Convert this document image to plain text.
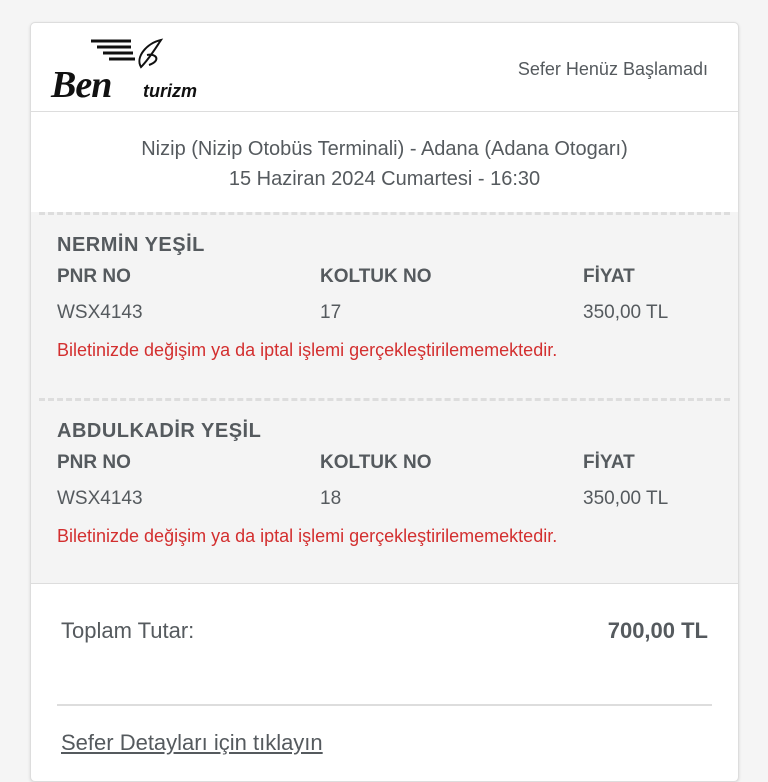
Ben turizm
Sefer Henüz Başlamadı
Nizip (Nizip Otobüs Terminali) - Adana (Adana Otogarı)
15 Haziran 2024 Cumartesi - 16:30
NERMİN YEŞİL
PNR NO	KOLTUK NO	FİYAT
WSX4143	17	350,00 TL
Biletinizde değişim ya da iptal işlemi gerçekleştirilememektedir.
ABDULKADİR YEŞİL
PNR NO	KOLTUK NO	FİYAT
WSX4143	18	350,00 TL
Biletinizde değişim ya da iptal işlemi gerçekleştirilememektedir.
Toplam Tutar:	700,00 TL
Sefer Detayları için tıklayın
